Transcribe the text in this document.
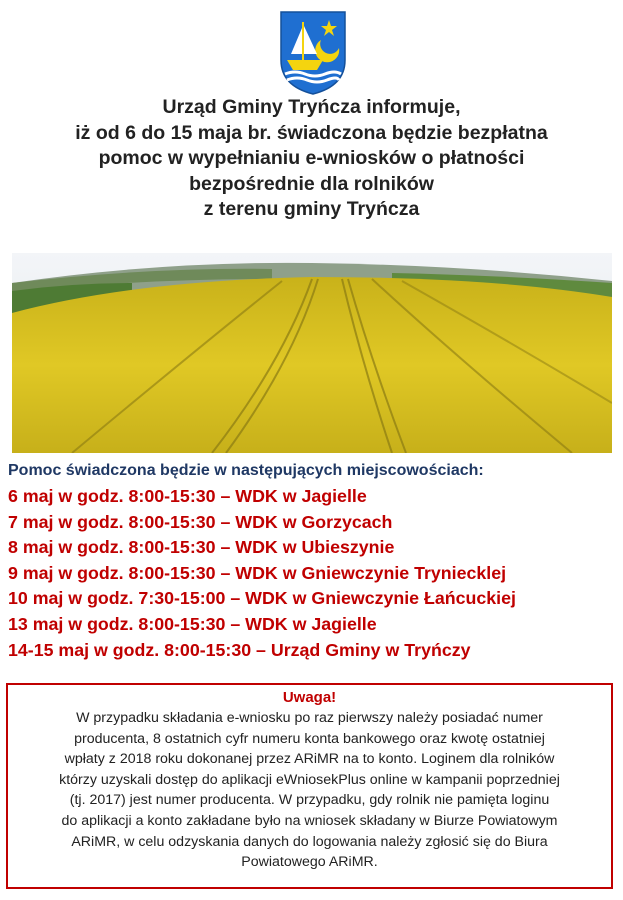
Urząd Gminy Tryńcza informuje,
iż od 6 do 15 maja br. świadczona będzie bezpłatna
pomoc w wypełnianiu e-wniosków o płatności
bezpośrednie dla rolników
z terenu gminy Tryńcza
Pomoc świadczona będzie w następujących miejscowościach:
6 maj w godz. 8:00-15:30 – WDK w Jagielle
7 maj w godz. 8:00-15:30 – WDK w Gorzycach
8 maj w godz. 8:00-15:30 – WDK w Ubieszynie
9 maj w godz. 8:00-15:30 – WDK w Gniewczynie Tryniecklej
10 maj w godz. 7:30-15:00 – WDK w Gniewczynie Łańcuckiej
13 maj w godz. 8:00-15:30 – WDK w Jagielle
14-15 maj w godz. 8:00-15:30 – Urząd Gminy w Tryńczy
Uwaga!
W przypadku składania e-wniosku po raz pierwszy należy posiadać numer
producenta, 8 ostatnich cyfr numeru konta bankowego oraz kwotę ostatniej
wpłaty z 2018 roku dokonanej przez ARiMR na to konto. Loginem dla rolników
którzy uzyskali dostęp do aplikacji eWniosekPlus online w kampanii poprzedniej
(tj. 2017) jest numer producenta. W przypadku, gdy rolnik nie pamięta loginu
do aplikacji a konto zakładane było na wniosek składany w Biurze Powiatowym
ARiMR, w celu odzyskania danych do logowania należy zgłosić się do Biura
Powiatowego ARiMR.
